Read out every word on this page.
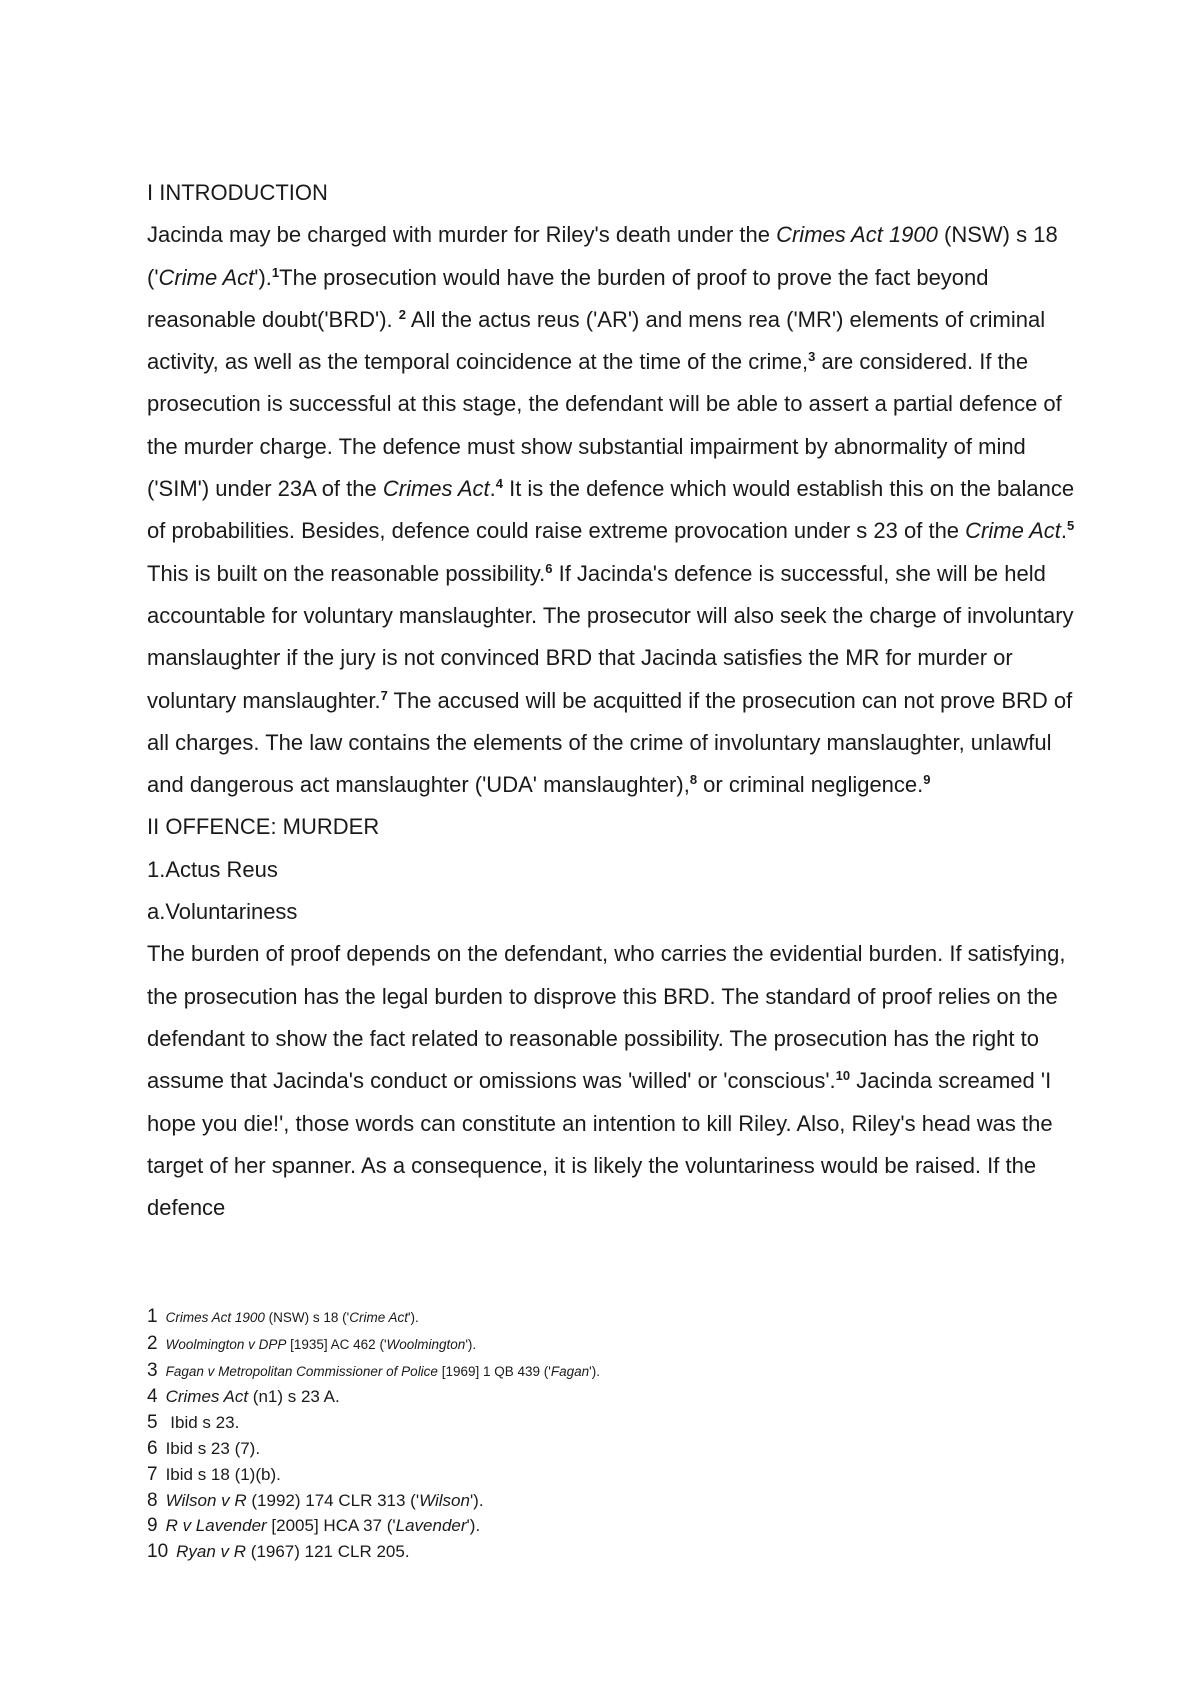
I INTRODUCTION

Jacinda may be charged with murder for Riley's death under the Crimes Act 1900 (NSW) s 18 ('Crime Act').$^1$The prosecution would have the burden of proof to prove the fact beyond reasonable doubt('BRD'). $^2$ All the actus reus ('AR') and mens rea ('MR') elements of criminal activity, as well as the temporal coincidence at the time of the crime,$^3$ are considered. If the prosecution is successful at this stage, the defendant will be able to assert a partial defence of the murder charge. The defence must show substantial impairment by abnormality of mind ('SIM') under 23A of the Crimes Act.$^4$ It is the defence which would establish this on the balance of probabilities. Besides, defence could raise extreme provocation under s 23 of the Crime Act.$^5$ This is built on the reasonable possibility.$^6$ If Jacinda's defence is successful, she will be held accountable for voluntary manslaughter. The prosecutor will also seek the charge of involuntary manslaughter if the jury is not convinced BRD that Jacinda satisfies the MR for murder or voluntary manslaughter.$^7$ The accused will be acquitted if the prosecution can not prove BRD of all charges. The law contains the elements of the crime of involuntary manslaughter, unlawful and dangerous act manslaughter ('UDA' manslaughter),$^8$ or criminal negligence.$^9$

II OFFENCE: MURDER
1.Actus Reus
a.Voluntariness

The burden of proof depends on the defendant, who carries the evidential burden. If satisfying, the prosecution has the legal burden to disprove this BRD. The standard of proof relies on the defendant to show the fact related to reasonable possibility. The prosecution has the right to assume that Jacinda's conduct or omissions was 'willed' or 'conscious'.$^{10}$ Jacinda screamed 'I hope you die!', those words can constitute an intention to kill Riley. Also, Riley's head was the target of her spanner. As a consequence, it is likely the voluntariness would be raised. If the defence

1 Crimes Act 1900 (NSW) s 18 ('Crime Act').
2 Woolmington v DPP [1935] AC 462 ('Woolmington').
3 Fagan v Metropolitan Commissioner of Police [1969] 1 QB 439 ('Fagan').
4 Crimes Act (n1) s 23 A.
5 Ibid s 23.
6 Ibid s 23 (7).
7 Ibid s 18 (1)(b).
8 Wilson v R (1992) 174 CLR 313 ('Wilson').
9 R v Lavender [2005] HCA 37 ('Lavender').
10 Ryan v R (1967) 121 CLR 205.
